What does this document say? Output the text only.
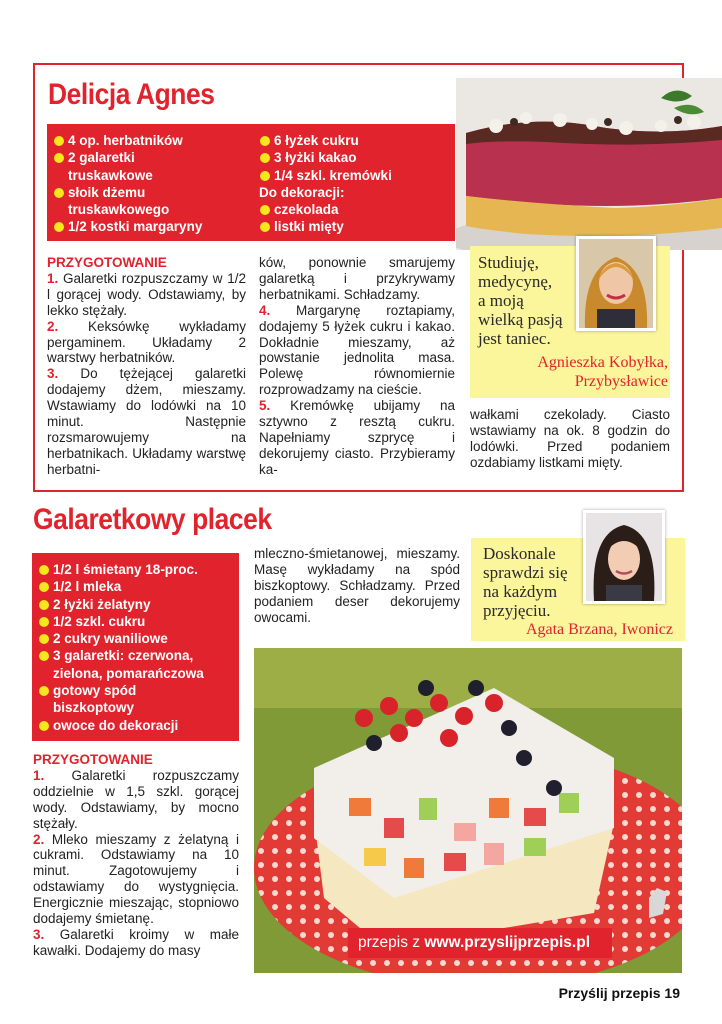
Delicja Agnes
4 op. herbatników
2 galaretki
truskawkowe
słoik dżemu
truskawkowego
1/2 kostki margaryny
6 łyżek cukru
3 łyżki kakao
1/4 szkl. kremówki
Do dekoracji:
czekolada
listki mięty
PRZYGOTOWANIE
1. Galaretki rozpuszczamy w 1/2 l gorącej wody. Odstawiamy, by lekko stężały.
2. Keksówkę wykładamy pergaminem. Układamy 2 warstwy herbatników.
3. Do tężejącej galaretki dodajemy dżem, mieszamy. Wstawiamy do lodówki na 10 minut. Następnie rozsmarowujemy na herbatnikach. Układamy warstwę herbatni-
ków, ponownie smarujemy galaretką i przykrywamy herbatnikami. Schładzamy.
4. Margarynę roztapiamy, dodajemy 5 łyżek cukru i kakao. Dokładnie mieszamy, aż powstanie jednolita masa. Polewę równomiernie rozprowadzamy na cieście.
5. Kremówkę ubijamy na sztywno z resztą cukru. Napełniamy szprycę i dekorujemy ciasto. Przybieramy ka-
Studiuję,
medycynę,
a moją
wielką pasją
jest taniec.
Agnieszka Kobyłka,
Przybysławice
wałkami czekolady. Ciasto wstawiamy na ok. 8 godzin do lodówki. Przed podaniem ozdabiamy listkami mięty.
Galaretkowy placek
1/2 l śmietany 18-proc.
1/2 l mleka
2 łyżki żelatyny
1/2 szkl. cukru
2 cukry waniliowe
3 galaretki: czerwona,
zielona, pomarańczowa
gotowy spód
biszkoptowy
owoce do dekoracji
PRZYGOTOWANIE
1. Galaretki rozpuszczamy oddzielnie w 1,5 szkl. gorącej wody. Odstawiamy, by mocno stężały.
2. Mleko mieszamy z żelatyną i cukrami. Odstawiamy na 10 minut. Zagotowujemy i odstawiamy do wystygnięcia. Energicznie mieszając, stopniowo dodajemy śmietanę.
3. Galaretki kroimy w małe kawałki. Dodajemy do masy
mleczno-śmietanowej, mieszamy. Masę wykładamy na spód biszkoptowy. Schładzamy. Przed podaniem deser dekorujemy owocami.
Doskonale
sprawdzi się
na każdym
przyjęciu.
Agata Brzana, Iwonicz
przepis z www.przyslijprzepis.pl
Przyślij przepis 19
